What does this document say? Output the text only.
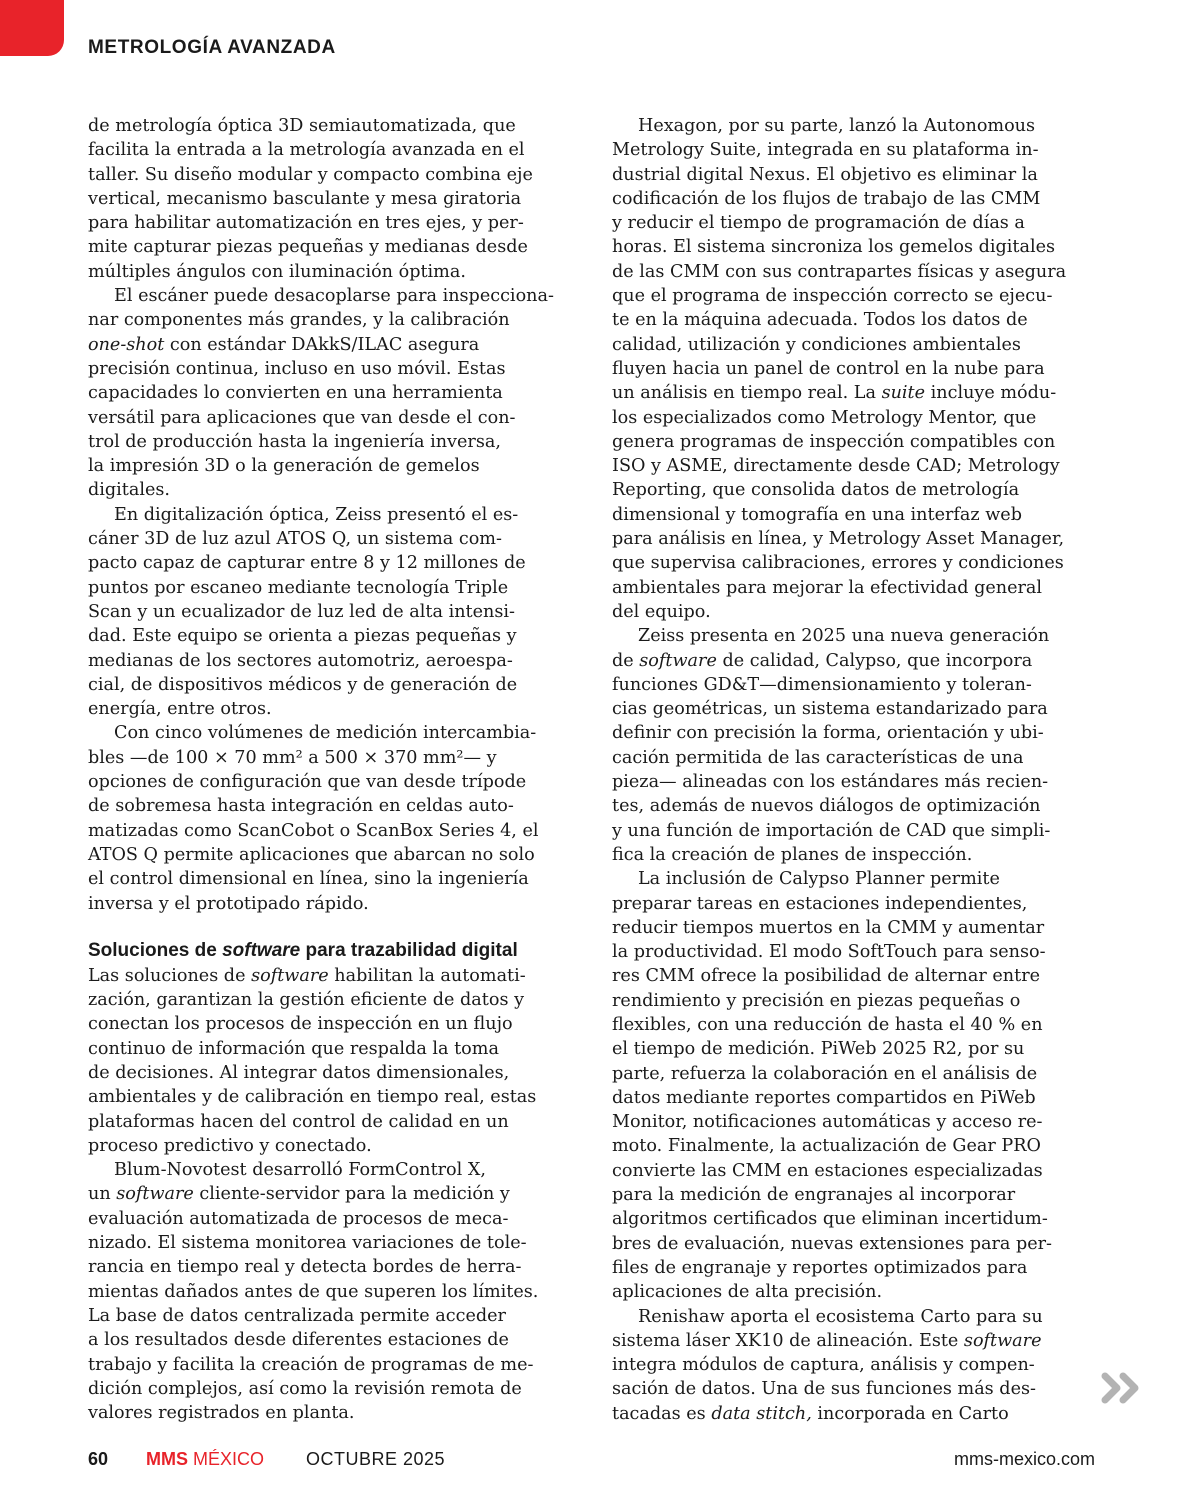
METROLOGÍA AVANZADA
de metrología óptica 3D semiautomatizada, que
facilita la entrada a la metrología avanzada en el
taller. Su diseño modular y compacto combina eje
vertical, mecanismo basculante y mesa giratoria
para habilitar automatización en tres ejes, y per-
mite capturar piezas pequeñas y medianas desde
múltiples ángulos con iluminación óptima.
El escáner puede desacoplarse para inspecciona-
nar componentes más grandes, y la calibración
one-shot con estándar DAkkS/ILAC asegura
precisión continua, incluso en uso móvil. Estas
capacidades lo convierten en una herramienta
versátil para aplicaciones que van desde el con-
trol de producción hasta la ingeniería inversa,
la impresión 3D o la generación de gemelos
digitales.
En digitalización óptica, Zeiss presentó el es-
cáner 3D de luz azul ATOS Q, un sistema com-
pacto capaz de capturar entre 8 y 12 millones de
puntos por escaneo mediante tecnología Triple
Scan y un ecualizador de luz led de alta intensi-
dad. Este equipo se orienta a piezas pequeñas y
medianas de los sectores automotriz, aeroespa-
cial, de dispositivos médicos y de generación de
energía, entre otros.
Con cinco volúmenes de medición intercambia-
bles —de 100 × 70 mm² a 500 × 370 mm²— y
opciones de configuración que van desde trípode
de sobremesa hasta integración en celdas auto-
matizadas como ScanCobot o ScanBox Series 4, el
ATOS Q permite aplicaciones que abarcan no solo
el control dimensional en línea, sino la ingeniería
inversa y el prototipado rápido.
Soluciones de software para trazabilidad digital
Las soluciones de software habilitan la automati-
zación, garantizan la gestión eficiente de datos y
conectan los procesos de inspección en un flujo
continuo de información que respalda la toma
de decisiones. Al integrar datos dimensionales,
ambientales y de calibración en tiempo real, estas
plataformas hacen del control de calidad en un
proceso predictivo y conectado.
Blum-Novotest desarrolló FormControl X,
un software cliente-servidor para la medición y
evaluación automatizada de procesos de meca-
nizado. El sistema monitorea variaciones de tole-
rancia en tiempo real y detecta bordes de herra-
mientas dañados antes de que superen los límites.
La base de datos centralizada permite acceder
a los resultados desde diferentes estaciones de
trabajo y facilita la creación de programas de me-
dición complejos, así como la revisión remota de
valores registrados en planta.
Hexagon, por su parte, lanzó la Autonomous
Metrology Suite, integrada en su plataforma in-
dustrial digital Nexus. El objetivo es eliminar la
codificación de los flujos de trabajo de las CMM
y reducir el tiempo de programación de días a
horas. El sistema sincroniza los gemelos digitales
de las CMM con sus contrapartes físicas y asegura
que el programa de inspección correcto se ejecu-
te en la máquina adecuada. Todos los datos de
calidad, utilización y condiciones ambientales
fluyen hacia un panel de control en la nube para
un análisis en tiempo real. La suite incluye módu-
los especializados como Metrology Mentor, que
genera programas de inspección compatibles con
ISO y ASME, directamente desde CAD; Metrology
Reporting, que consolida datos de metrología
dimensional y tomografía en una interfaz web
para análisis en línea, y Metrology Asset Manager,
que supervisa calibraciones, errores y condiciones
ambientales para mejorar la efectividad general
del equipo.
Zeiss presenta en 2025 una nueva generación
de software de calidad, Calypso, que incorpora
funciones GD&T—dimensionamiento y toleran-
cias geométricas, un sistema estandarizado para
definir con precisión la forma, orientación y ubi-
cación permitida de las características de una
pieza— alineadas con los estándares más recien-
tes, además de nuevos diálogos de optimización
y una función de importación de CAD que simpli-
fica la creación de planes de inspección.
La inclusión de Calypso Planner permite
preparar tareas en estaciones independientes,
reducir tiempos muertos en la CMM y aumentar
la productividad. El modo SoftTouch para senso-
res CMM ofrece la posibilidad de alternar entre
rendimiento y precisión en piezas pequeñas o
flexibles, con una reducción de hasta el 40 % en
el tiempo de medición. PiWeb 2025 R2, por su
parte, refuerza la colaboración en el análisis de
datos mediante reportes compartidos en PiWeb
Monitor, notificaciones automáticas y acceso re-
moto. Finalmente, la actualización de Gear PRO
convierte las CMM en estaciones especializadas
para la medición de engranajes al incorporar
algoritmos certificados que eliminan incertidum-
bres de evaluación, nuevas extensiones para per-
files de engranaje y reportes optimizados para
aplicaciones de alta precisión.
Renishaw aporta el ecosistema Carto para su
sistema láser XK10 de alineación. Este software
integra módulos de captura, análisis y compen-
sación de datos. Una de sus funciones más des-
tacadas es data stitch, incorporada en Carto
60 MMS MÉXICO OCTUBRE 2025	mms-mexico.com
